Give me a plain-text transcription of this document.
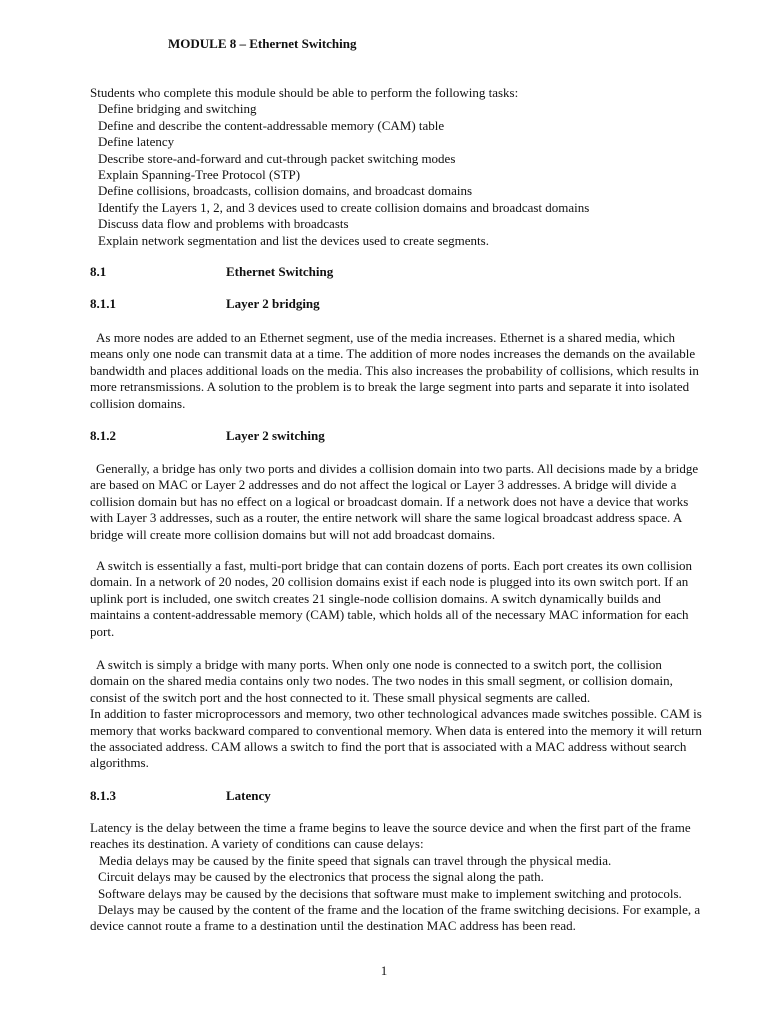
MODULE 8 – Ethernet Switching

Students who complete this module should be able to perform the following tasks:

Define bridging and switching

Define and describe the content-addressable memory (CAM) table

Define latency

Describe store-and-forward and cut-through packet switching modes

Explain Spanning-Tree Protocol (STP)

Define collisions, broadcasts, collision domains, and broadcast domains

Identify the Layers 1, 2, and 3 devices used to create collision domains and broadcast domains

Discuss data flow and problems with broadcasts

Explain network segmentation and list the devices used to create segments.

8.1	Ethernet Switching
8.1.1	Layer 2 bridging

As more nodes are added to an Ethernet segment, use of the media increases. Ethernet is a shared media, which

means only one node can transmit data at a time. The addition of more nodes increases the demands on the available

bandwidth and places additional loads on the media. This also increases the probability of collisions, which results in

more retransmissions. A solution to the problem is to break the large segment into parts and separate it into isolated

collision domains.

8.1.2	Layer 2 switching

Generally, a bridge has only two ports and divides a collision domain into two parts. All decisions made by a bridge

are based on MAC or Layer 2 addresses and do not affect the logical or Layer 3 addresses. A bridge will divide a

collision domain but has no effect on a logical or broadcast domain. If a network does not have a device that works

with Layer 3 addresses, such as a router, the entire network will share the same logical broadcast address space. A

bridge will create more collision domains but will not add broadcast domains.

A switch is essentially a fast, multi-port bridge that can contain dozens of ports. Each port creates its own collision

domain. In a network of 20 nodes, 20 collision domains exist if each node is plugged into its own switch port. If an

uplink port is included, one switch creates 21 single-node collision domains. A switch dynamically builds and

maintains a content-addressable memory (CAM) table, which holds all of the necessary MAC information for each

port.

A switch is simply a bridge with many ports. When only one node is connected to a switch port, the collision

domain on the shared media contains only two nodes. The two nodes in this small segment, or collision domain,

consist of the switch port and the host connected to it. These small physical segments are called.

In addition to faster microprocessors and memory, two other technological advances made switches possible. CAM is

memory that works backward compared to conventional memory. When data is entered into the memory it will return

the associated address. CAM allows a switch to find the port that is associated with a MAC address without search

algorithms.

8.1.3	Latency

Latency is the delay between the time a frame begins to leave the source device and when the first part of the frame

reaches its destination. A variety of conditions can cause delays:

Media delays may be caused by the finite speed that signals can travel through the physical media.

Circuit delays may be caused by the electronics that process the signal along the path.

Software delays may be caused by the decisions that software must make to implement switching and protocols.

Delays may be caused by the content of the frame and the location of the frame switching decisions. For example, a

device cannot route a frame to a destination until the destination MAC address has been read.

1
